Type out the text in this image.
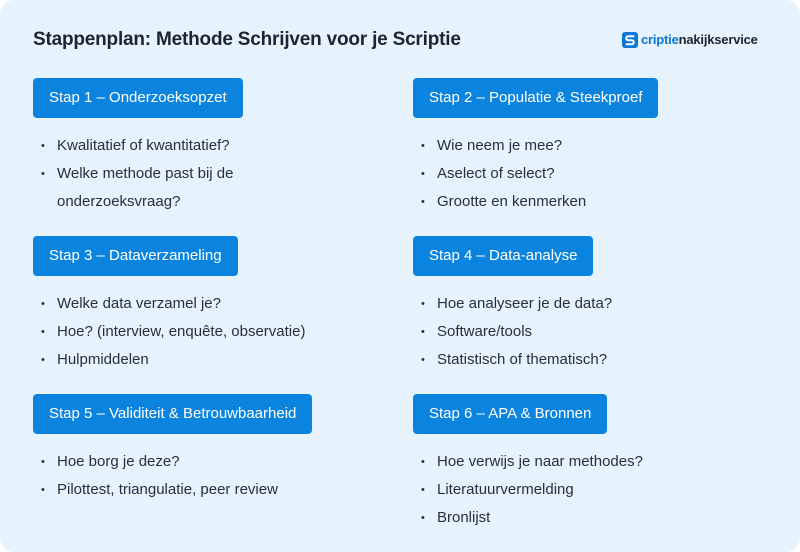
Stappenplan: Methode Schrijven voor je Scriptie	criptienakijkservice
Stap 1 – Onderzoeksopzet
• Kwalitatief of kwantitatief?
• Welke methode past bij de onderzoeksvraag?
Stap 2 – Populatie & Steekproef
• Wie neem je mee?
• Aselect of select?
• Grootte en kenmerken
Stap 3 – Dataverzameling
• Welke data verzamel je?
• Hoe? (interview, enquête, observatie)
• Hulpmiddelen
Stap 4 – Data-analyse
• Hoe analyseer je de data?
• Software/tools
• Statistisch of thematisch?
Stap 5 – Validiteit & Betrouwbaarheid
• Hoe borg je deze?
• Pilottest, triangulatie, peer review
Stap 6 – APA & Bronnen
• Hoe verwijs je naar methodes?
• Literatuurvermelding
• Bronlijst
